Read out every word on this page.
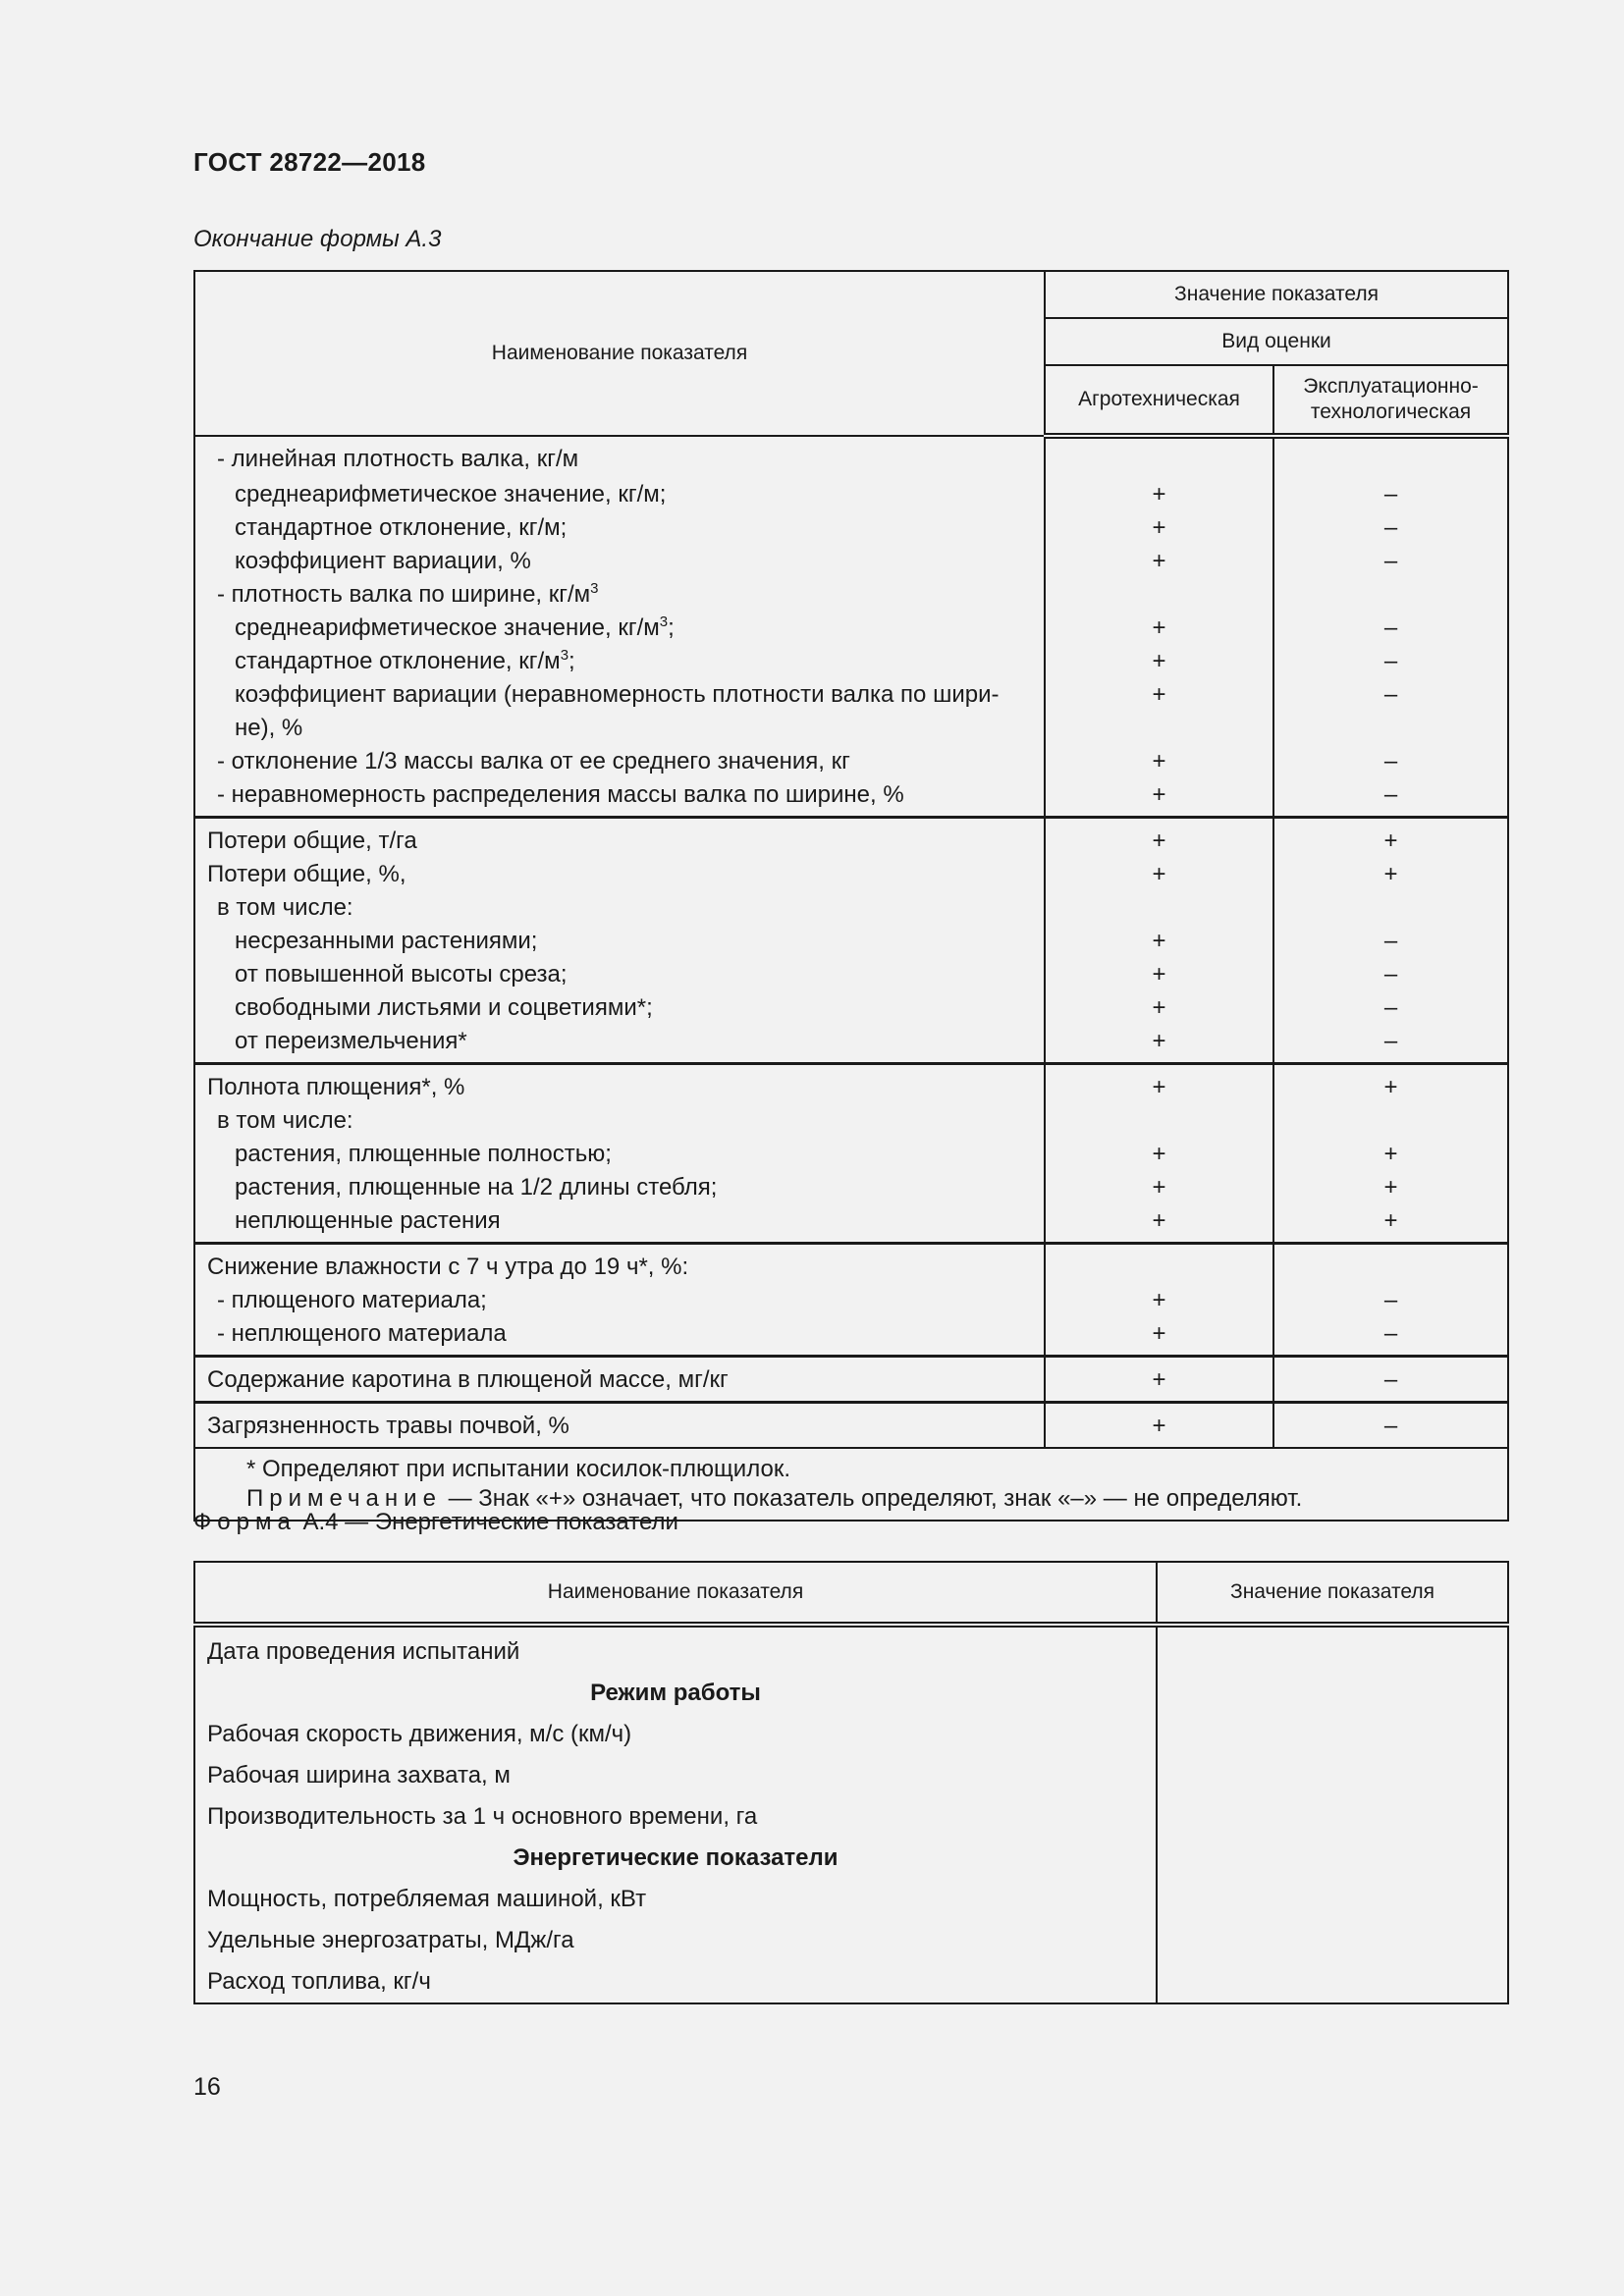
ГОСТ 28722—2018
Окончание формы А.3
Наименование показателя	Значение показателя	
	Вид оценки	
	Агротехническая	Эксплуатационно-
технологическая
- линейная плотность валка, кг/м		
среднеарифметическое значение, кг/м;	+	–
стандартное отклонение, кг/м;	+	–
коэффициент вариации, %	+	–
- плотность валка по ширине, $кг/м^3$		
среднеарифметическое значение, $кг/м^3$;	+	–
стандартное отклонение, $кг/м^3$;	+	–
коэффициент вариации (неравномерность плотности валка по шири-не), %	+	–
- отклонение 1/3 массы валка от ее среднего значения, кг	+	–
- неравномерность распределения массы валка по ширине, %	+	–
Потери общие, т/га	+	+
Потери общие, %,	+	+
в том числе:		
несрезанными растениями;	+	–
от повышенной высоты среза;	+	–
свободными листьями и соцветиями*;	+	–
от переизмельчения*	+	–
Полнота плющения*, %	+	+
в том числе:		
растения, плющенные полностью;	+	+
растения, плющенные на 1/2 длины стебля;	+	+
неплющенные растения	+	+
Снижение влажности с 7 ч утра до 19 ч*, %:		
- плющеного материала;	+	–
- неплющеного материала	+	–
Содержание каротина в плющеной массе, мг/кг	+	–
Загрязненность травы почвой, %	+	–

* Определяют при испытании косилок-плющилок.
Примечание — Знак «+» означает, что показатель определяют, знак «–» — не определяют.		
Форма А.4 — Энергетические показатели
Наименование показателя	Значение показателя
Дата проведения испытаний	
Режим работы	
Рабочая скорость движения, м/с (км/ч)	
Рабочая ширина захвата, м	
Производительность за 1 ч основного времени, га	
Энергетические показатели	
Мощность, потребляемая машиной, кВт	
Удельные энергозатраты, МДж/га	
Расход топлива, кг/ч	
16
